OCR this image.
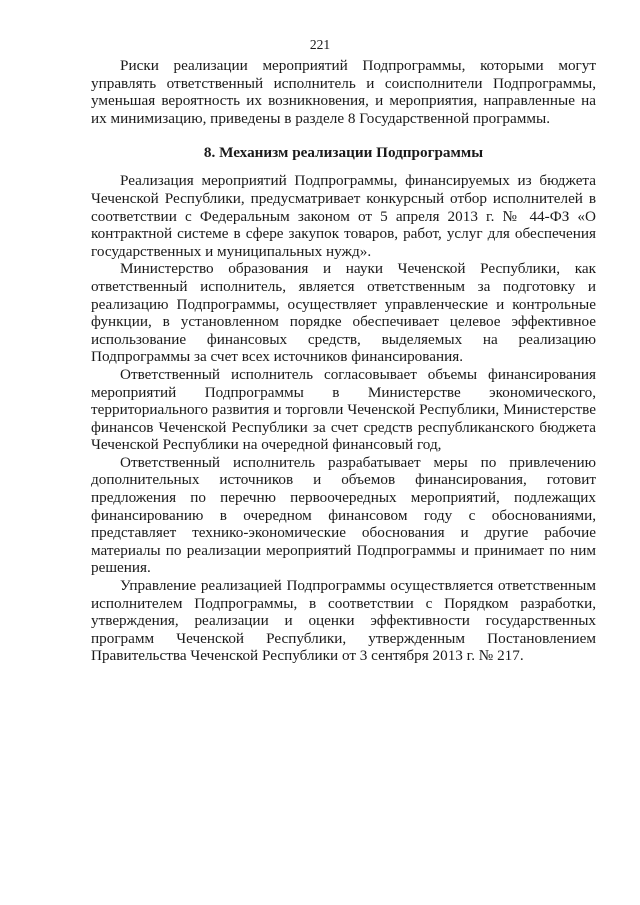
221

Риски реализации мероприятий Подпрограммы, которыми могут управлять ответственный исполнитель и соисполнители Подпрограммы, уменьшая вероятность их возникновения, и мероприятия, направленные на их минимизацию, приведены в разделе 8 Государственной программы.

8. Механизм реализации Подпрограммы

Реализация мероприятий Подпрограммы, финансируемых из бюджета Чеченской Республики, предусматривает конкурсный отбор исполнителей в соответствии с Федеральным законом от 5 апреля 2013 г. № 44-ФЗ «О контрактной системе в сфере закупок товаров, работ, услуг для обеспечения государственных и муниципальных нужд».

Министерство образования и науки Чеченской Республики, как ответственный исполнитель, является ответственным за подготовку и реализацию Подпрограммы, осуществляет управленческие и контрольные функции, в установленном порядке обеспечивает целевое эффективное использование финансовых средств, выделяемых на реализацию Подпрограммы за счет всех источников финансирования.

Ответственный исполнитель согласовывает объемы финансирования мероприятий Подпрограммы в Министерстве экономического, территориального развития и торговли Чеченской Республики, Министерстве финансов Чеченской Республики за счет средств республиканского бюджета Чеченской Республики на очередной финансовый год,

Ответственный исполнитель разрабатывает меры по привлечению дополнительных источников и объемов финансирования, готовит предложения по перечню первоочередных мероприятий, подлежащих финансированию в очередном финансовом году с обоснованиями, представляет технико-экономические обоснования и другие рабочие материалы по реализации мероприятий Подпрограммы и принимает по ним решения.

Управление реализацией Подпрограммы осуществляется ответственным исполнителем Подпрограммы, в соответствии с Порядком разработки, утверждения, реализации и оценки эффективности государственных программ Чеченской Республики, утвержденным Постановлением Правительства Чеченской Республики от 3 сентября 2013 г. № 217.
